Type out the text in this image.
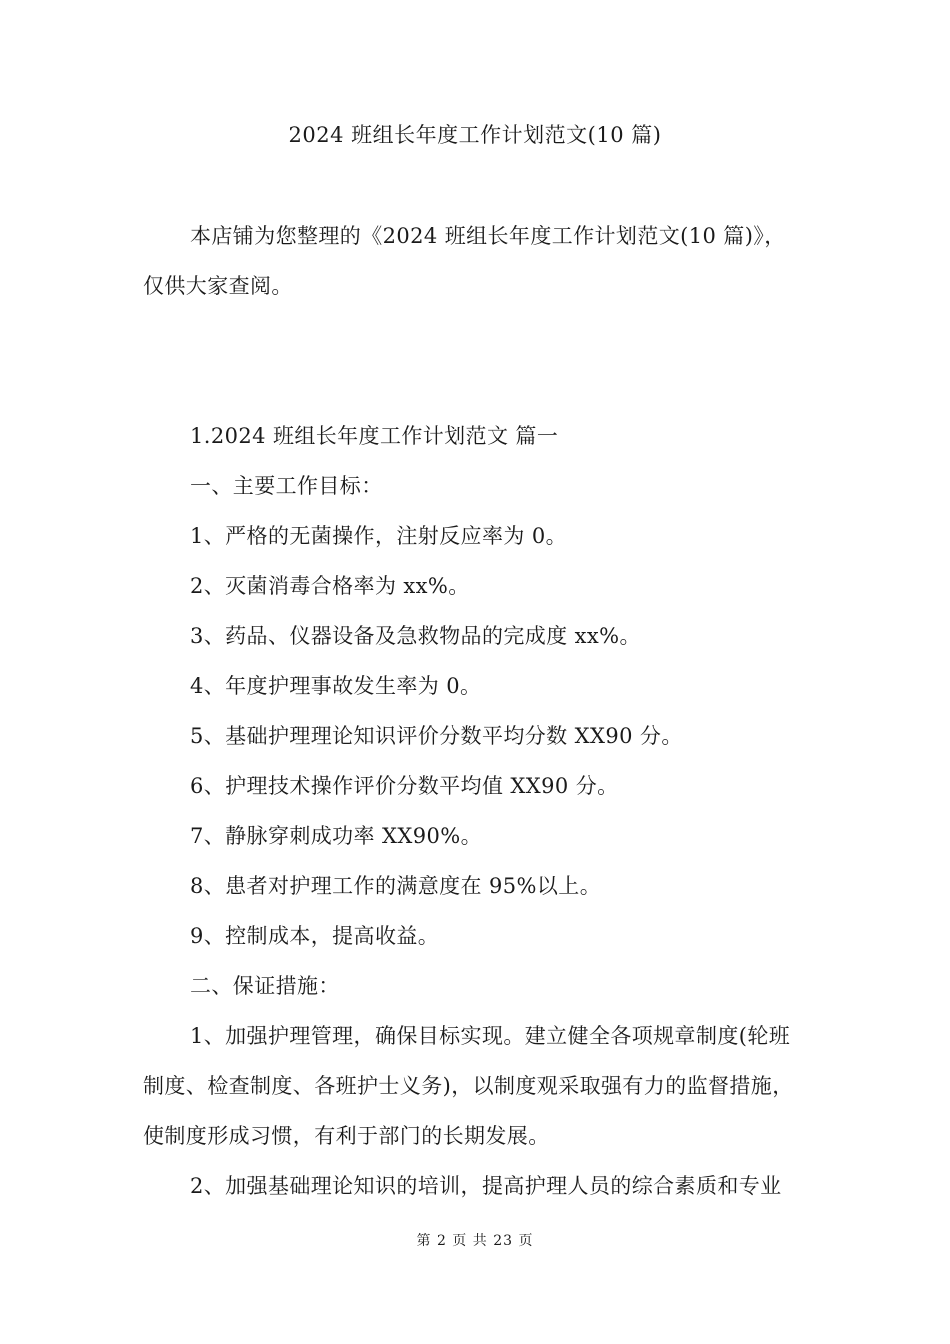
2024 班组长年度工作计划范文(10 篇)
本店铺为您整理的《2024 班组长年度工作计划范文(10 篇)》，
仅供大家查阅。
1.2024 班组长年度工作计划范文 篇一
一、主要工作目标：
1、严格的无菌操作，注射反应率为 0。
2、灭菌消毒合格率为 xx%。
3、药品、仪器设备及急救物品的完成度 xx%。
4、年度护理事故发生率为 0。
5、基础护理理论知识评价分数平均分数 XX90 分。
6、护理技术操作评价分数平均值 XX90 分。
7、静脉穿刺成功率 XX90%。
8、患者对护理工作的满意度在 95%以上。
9、控制成本，提高收益。
二、保证措施：
1、加强护理管理，确保目标实现。建立健全各项规章制度(轮班
制度、检查制度、各班护士义务)，以制度观采取强有力的监督措施，
使制度形成习惯，有利于部门的长期发展。
2、加强基础理论知识的培训，提高护理人员的综合素质和专业
第 2 页 共 23 页
